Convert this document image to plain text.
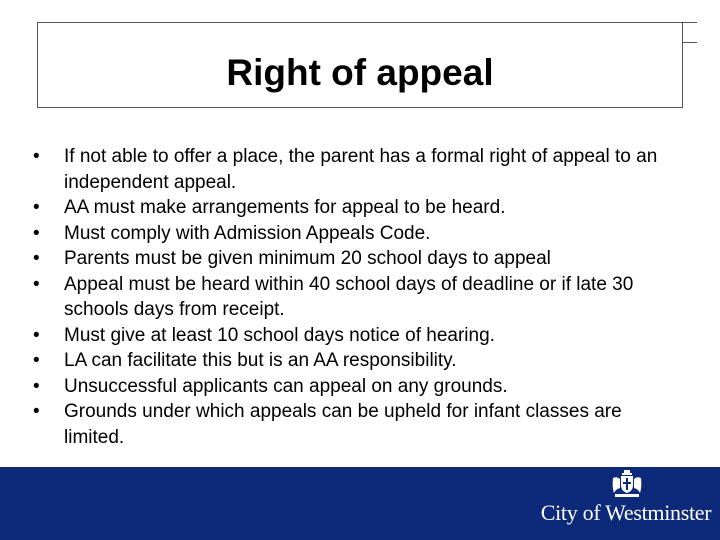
Right of appeal
• If not able to offer a place, the parent has a formal right of appeal to an independent appeal.
• AA must make arrangements for appeal to be heard.
• Must comply with Admission Appeals Code.
• Parents must be given minimum 20 school days to appeal
• Appeal must be heard within 40 school days of deadline or if late 30 schools days from receipt.
• Must give at least 10 school days notice of hearing.
• LA can facilitate this but is an AA responsibility.
• Unsuccessful applicants can appeal on any grounds.
• Grounds under which appeals can be upheld for infant classes are limited.
City of Westminster
